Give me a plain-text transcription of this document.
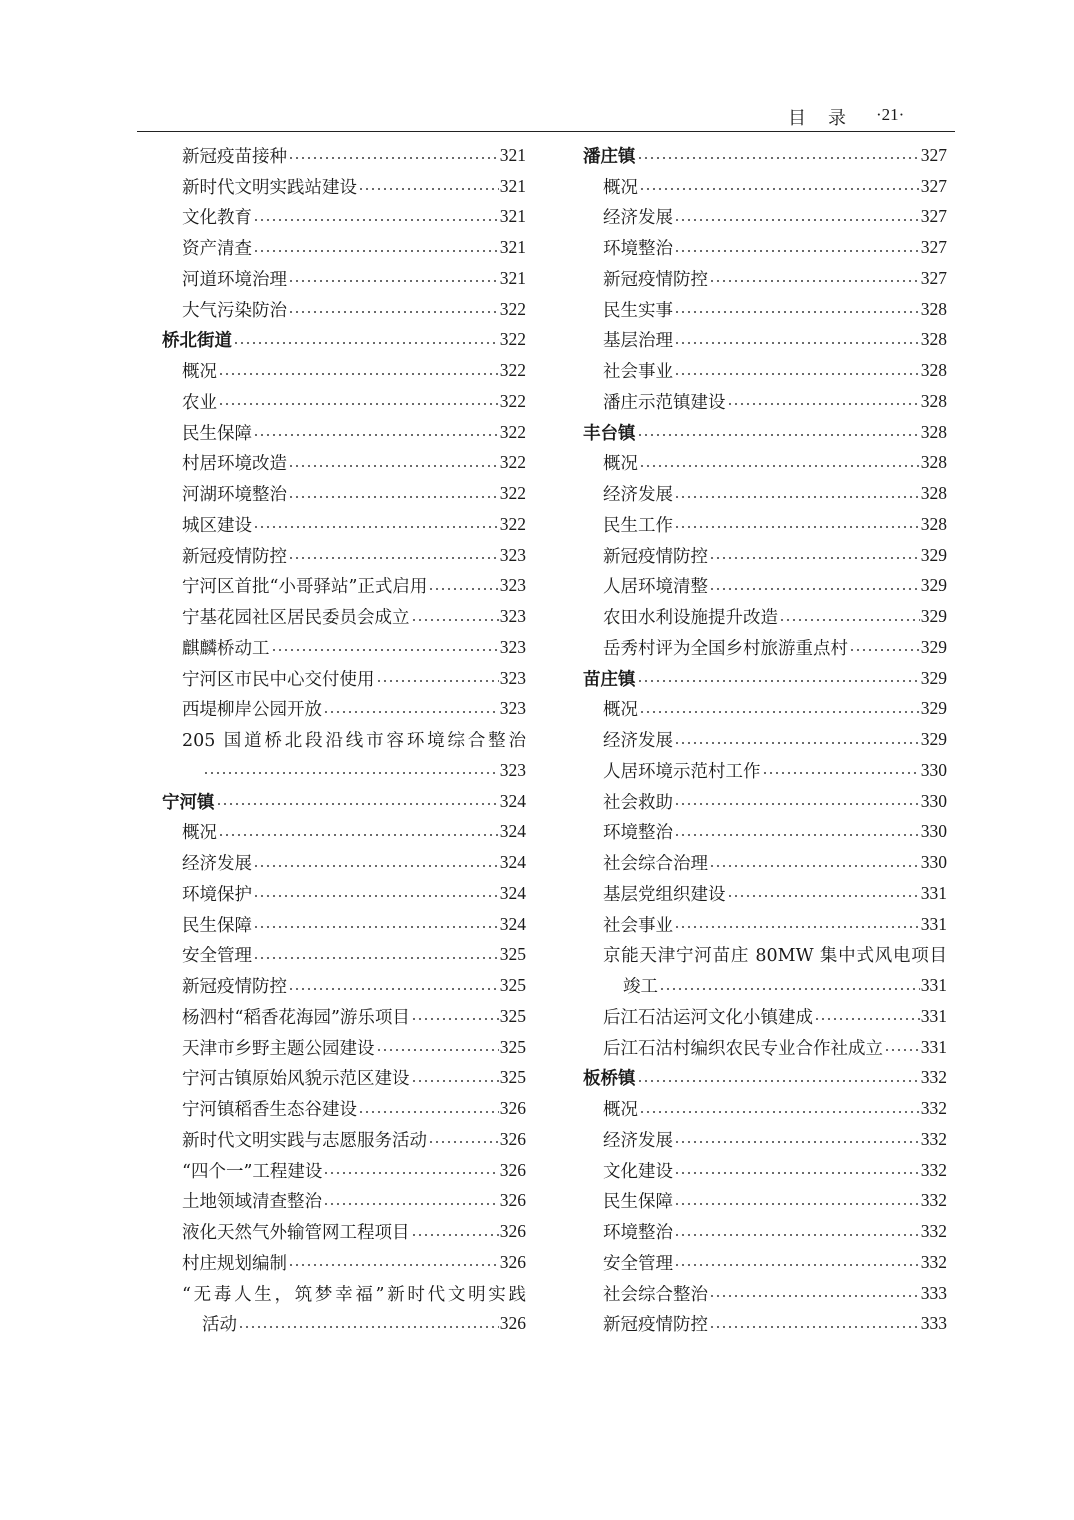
目录 ·21·
新冠疫苗接种	321
新时代文明实践站建设	321
文化教育	321
资产清查	321
河道环境治理	321
大气污染防治	322
桥北街道	322
概况	322
农业	322
民生保障	322
村居环境改造	322
河湖环境整治	322
城区建设	322
新冠疫情防控	323
宁河区首批“小哥驿站”正式启用	323
宁基花园社区居民委员会成立	323
麒麟桥动工	323
宁河区市民中心交付使用	323
西堤柳岸公园开放	323
205 国道桥北段沿线市容环境综合整治
323
宁河镇	324
概况	324
经济发展	324
环境保护	324
民生保障	324
安全管理	325
新冠疫情防控	325
杨泗村“稻香花海园”游乐项目	325
天津市乡野主题公园建设	325
宁河古镇原始风貌示范区建设	325
宁河镇稻香生态谷建设	326
新时代文明实践与志愿服务活动	326
“四个一”工程建设	326
土地领域清查整治	326
液化天然气外输管网工程项目	326
村庄规划编制	326
“无毒人生，筑梦幸福”新时代文明实践
活动	326
潘庄镇	327
概况	327
经济发展	327
环境整治	327
新冠疫情防控	327
民生实事	328
基层治理	328
社会事业	328
潘庄示范镇建设	328
丰台镇	328
概况	328
经济发展	328
民生工作	328
新冠疫情防控	329
人居环境清整	329
农田水利设施提升改造	329
岳秀村评为全国乡村旅游重点村	329
苗庄镇	329
概况	329
经济发展	329
人居环境示范村工作	330
社会救助	330
环境整治	330
社会综合治理	330
基层党组织建设	331
社会事业	331
京能天津宁河苗庄 80MW 集中式风电项目
竣工	331
后江石沽运河文化小镇建成	331
后江石沽村编织农民专业合作社成立 331
板桥镇	332
概况	332
经济发展	332
文化建设	332
民生保障	332
环境整治	332
安全管理	332
社会综合整治	333
新冠疫情防控	333
